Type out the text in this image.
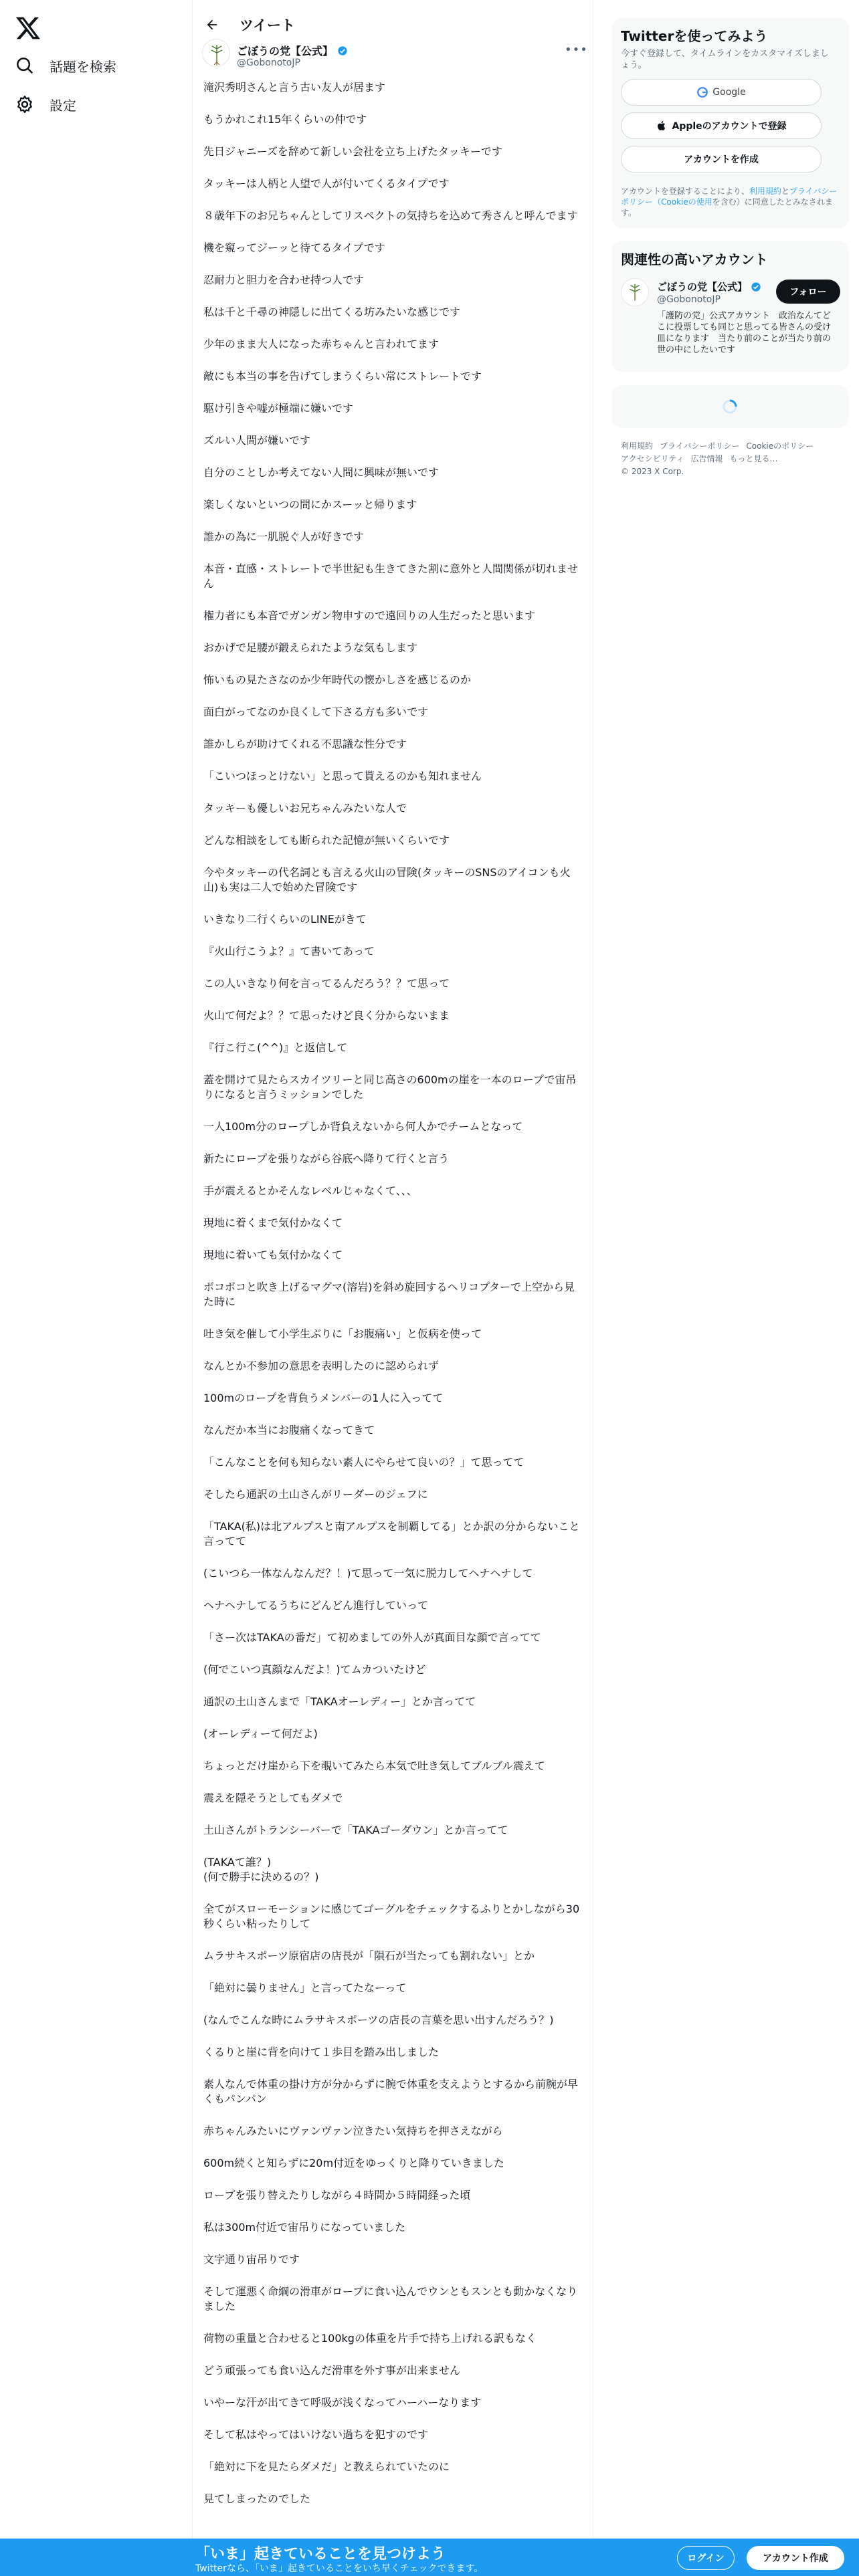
話題を検索
設定
ツイート
ごぼうの党【公式】
@GobonotoJP
•••

滝沢秀明さんと言う古い友人が居ます

もうかれこれ15年くらいの仲です

先日ジャニーズを辞めて新しい会社を立ち上げたタッキーです

タッキーは人柄と人望で人が付いてくるタイプです

８歳年下のお兄ちゃんとしてリスペクトの気持ちを込めて秀さんと呼んでます

機を窺ってジーッと待てるタイプです

忍耐力と胆力を合わせ持つ人です

私は千と千尋の神隠しに出てくる坊みたいな感じです

少年のまま大人になった赤ちゃんと言われてます

敵にも本当の事を告げてしまうくらい常にストレートです

駆け引きや嘘が極端に嫌いです

ズルい人間が嫌いです

自分のことしか考えてない人間に興味が無いです

楽しくないといつの間にかスーッと帰ります

誰かの為に一肌脱ぐ人が好きです

本音・直感・ストレートで半世紀も生きてきた割に意外と人間関係が切れません

権力者にも本音でガンガン物申すので遠回りの人生だったと思います

おかげで足腰が鍛えられたような気もします

怖いもの見たさなのか少年時代の懐かしさを感じるのか

面白がってなのか良くして下さる方も多いです

誰かしらが助けてくれる不思議な性分です

「こいつほっとけない」と思って貰えるのかも知れません

タッキーも優しいお兄ちゃんみたいな人で

どんな相談をしても断られた記憶が無いくらいです

今やタッキーの代名詞とも言える火山の冒険(タッキーのSNSのアイコンも火山)も実は二人で始めた冒険です

いきなり二行くらいのLINEがきて

『火山行こうよ？』て書いてあって

この人いきなり何を言ってるんだろう？？て思って

火山て何だよ？？て思ったけど良く分からないまま

『行こ行こ(^^)』と返信して

蓋を開けて見たらスカイツリーと同じ高さの600mの崖を一本のロープで宙吊りになると言うミッションでした

一人100m分のロープしか背負えないから何人かでチームとなって

新たにロープを張りながら谷底へ降りて行くと言う

手が震えるとかそんなレベルじゃなくて、、、

現地に着くまで気付かなくて

現地に着いても気付かなくて

ボコボコと吹き上げるマグマ(溶岩)を斜め旋回するヘリコプターで上空から見た時に

吐き気を催して小学生ぶりに「お腹痛い」と仮病を使って

なんとか不参加の意思を表明したのに認められず

100mのロープを背負うメンバーの1人に入ってて

なんだか本当にお腹痛くなってきて

「こんなことを何も知らない素人にやらせて良いの？」て思ってて

そしたら通訳の土山さんがリーダーのジェフに

「TAKA(私)は北アルプスと南アルプスを制覇してる」とか訳の分からないこと言ってて

(こいつら一体なんなんだ？！)て思って一気に脱力してヘナヘナして

ヘナヘナしてるうちにどんどん進行していって

「さー次はTAKAの番だ」て初めましての外人が真面目な顔で言ってて

(何でこいつ真顔なんだよ！)てムカついたけど

通訳の土山さんまで「TAKAオーレディー」とか言ってて

(オーレディーて何だよ)

ちょっとだけ崖から下を覗いてみたら本気で吐き気してブルブル震えて

震えを隠そうとしてもダメで

土山さんがトランシーバーで「TAKAゴーダウン」とか言ってて

(TAKAて誰？)
(何で勝手に決めるの？)

全てがスローモーションに感じてゴーグルをチェックするふりとかしながら30秒くらい粘ったりして

ムラサキスポーツ原宿店の店長が「隕石が当たっても割れない」とか

「絶対に曇りません」と言ってたなーって

(なんでこんな時にムラサキスポーツの店長の言葉を思い出すんだろう？)

くるりと崖に背を向けて１歩目を踏み出しました

素人なんで体重の掛け方が分からずに腕で体重を支えようとするから前腕が早くもパンパン

赤ちゃんみたいにヴァンヴァン泣きたい気持ちを押さえながら

600m続くと知らずに20m付近をゆっくりと降りていきました

ロープを張り替えたりしながら４時間か５時間経った頃

私は300m付近で宙吊りになっていました

文字通り宙吊りです

そして運悪く命綱の滑車がロープに食い込んでウンともスンとも動かなくなりました

荷物の重量と合わせると100kgの体重を片手で持ち上げれる訳もなく

どう頑張っても食い込んだ滑車を外す事が出来ません

いやーな汗が出てきて呼吸が浅くなってハーハーなります

そして私はやってはいけない過ちを犯すのです

「絶対に下を見たらダメだ」と教えられていたのに

見てしまったのでした

Twitterを使ってみよう
今すぐ登録して、タイムラインをカスタマイズしましょう。
Google
Appleのアカウントで登録
アカウントを作成
アカウントを登録することにより、利用規約とプライバシーポリシー（Cookieの使用を含む）に同意したとみなされます。
関連性の高いアカウント
ごぼうの党【公式】
@GobonotoJP
「護防の党」公式アカウント　政治なんてどこに投票しても同じと思ってる皆さんの受け皿になります　当たり前のことが当たり前の世の中にしたいです
フォロー
利用規約 プライバシーポリシー Cookieのポリシーアクセシビリティ 広告情報 もっと見る…© 2023 X Corp.
「いま」起きていることを見つけよう
Twitterなら、「いま」起きていることをいち早くチェックできます。
ログイン	アカウント作成
